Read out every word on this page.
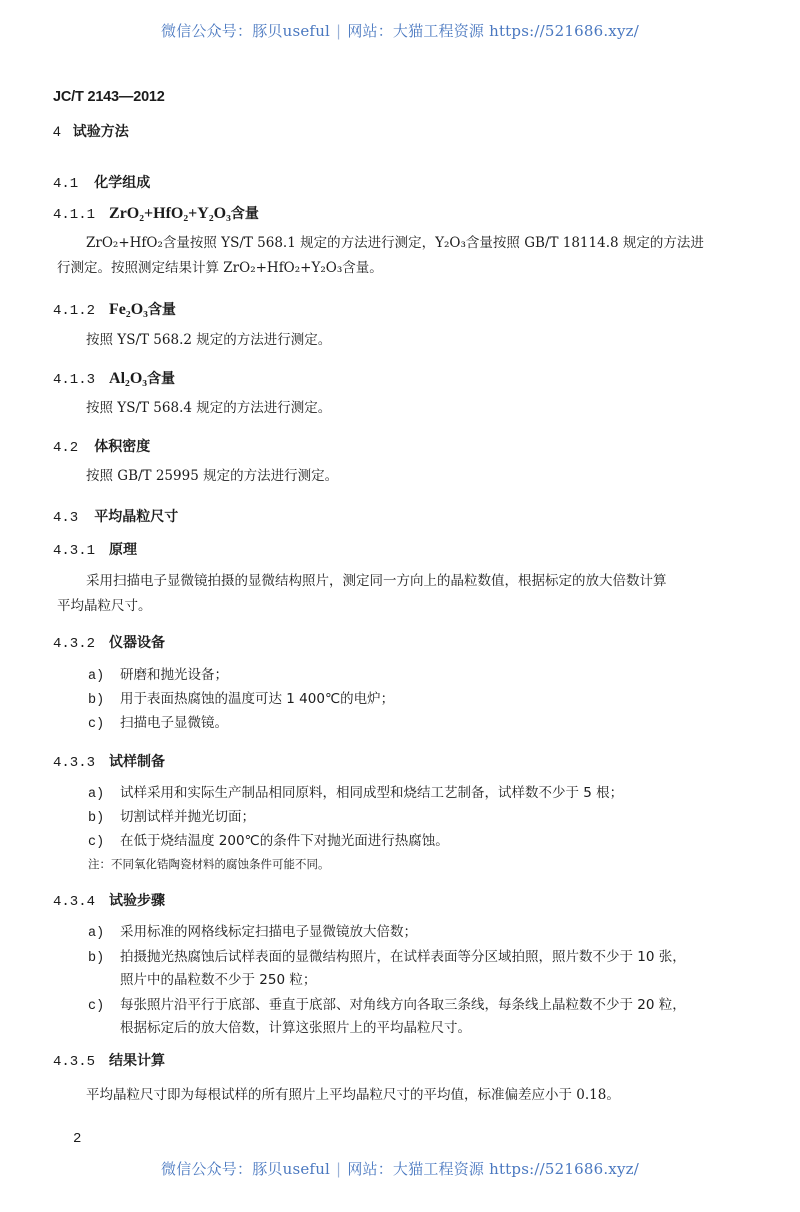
微信公众号：豚贝useful | 网站：大猫工程资源 https://521686.xyz/
JC/T 2143—2012
4 试验方法
4.1 化学组成
4.1.1 ZrO₂+HfO₂+Y₂O₃含量
ZrO₂+HfO₂含量按照 YS/T 568.1 规定的方法进行测定，Y₂O₃含量按照 GB/T 18114.8 规定的方法进
行测定。按照测定结果计算 ZrO₂+HfO₂+Y₂O₃含量。
4.1.2 Fe₂O₃含量
按照 YS/T 568.2 规定的方法进行测定。
4.1.3 Al₂O₃含量
按照 YS/T 568.4 规定的方法进行测定。
4.2 体积密度
按照 GB/T 25995 规定的方法进行测定。
4.3 平均晶粒尺寸
4.3.1 原理
采用扫描电子显微镜拍摄的显微结构照片，测定同一方向上的晶粒数值，根据标定的放大倍数计算
平均晶粒尺寸。
4.3.2 仪器设备
a) 研磨和抛光设备；
b) 用于表面热腐蚀的温度可达 1 400℃的电炉；
c) 扫描电子显微镜。
4.3.3 试样制备
a) 试样采用和实际生产制品相同原料，相同成型和烧结工艺制备，试样数不少于 5 根；
b) 切割试样并抛光切面；
c) 在低于烧结温度 200℃的条件下对抛光面进行热腐蚀。
注：不同氧化锆陶瓷材料的腐蚀条件可能不同。
4.3.4 试验步骤
a) 采用标准的网格线标定扫描电子显微镜放大倍数；
b) 拍摄抛光热腐蚀后试样表面的显微结构照片，在试样表面等分区域拍照，照片数不少于 10 张，
照片中的晶粒数不少于 250 粒；
c) 每张照片沿平行于底部、垂直于底部、对角线方向各取三条线，每条线上晶粒数不少于 20 粒，
根据标定后的放大倍数，计算这张照片上的平均晶粒尺寸。
4.3.5 结果计算
平均晶粒尺寸即为每根试样的所有照片上平均晶粒尺寸的平均值，标准偏差应小于 0.18。
2
微信公众号：豚贝useful | 网站：大猫工程资源 https://521686.xyz/
